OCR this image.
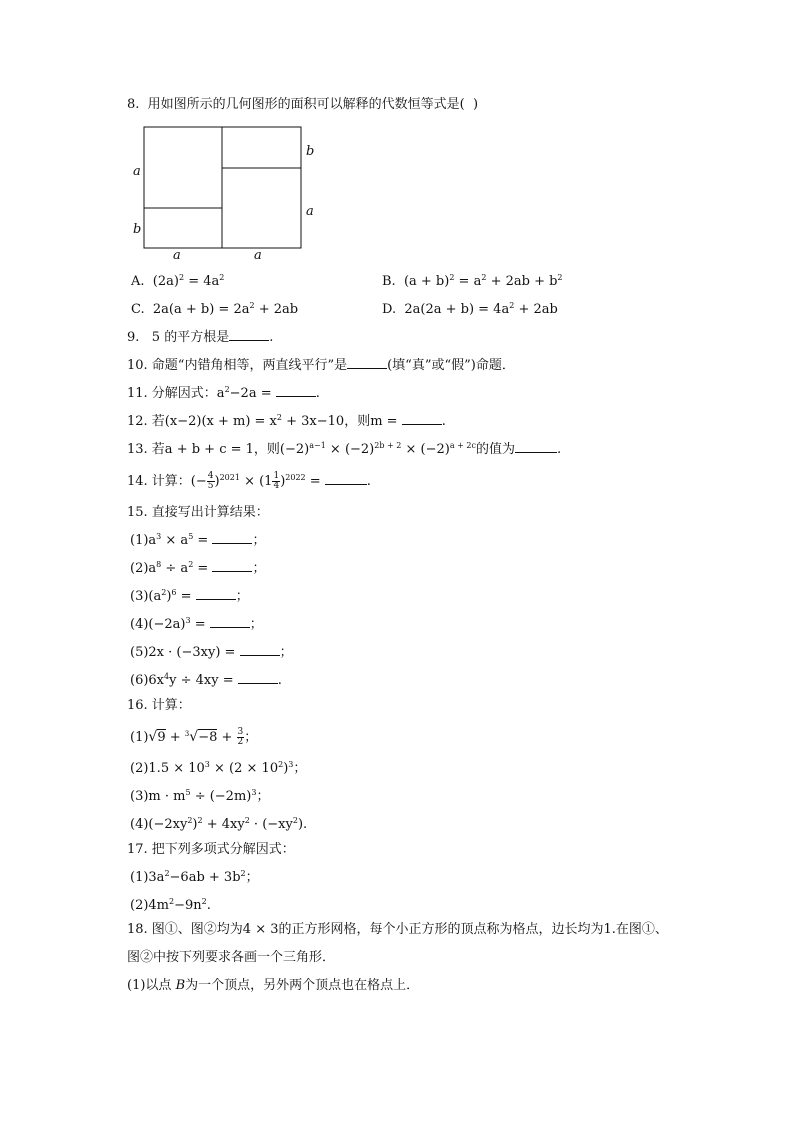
8.  用如图所示的几何图形的面积可以解释的代数恒等式是(  )
a
b
b
a
a	a
A. $(2a)^2 = 4a^2$	B. $(a + b)^2 = a^2 + 2ab + b^2$
C. $2a(a + b) = 2a^2 + 2ab$	D. $2a(2a + b) = 4a^2 + 2ab$
9.   5 的平方根是	.
10. 命题“内错角相等，两直线平行”是	(填“真”或“假”)命题．
11. 分解因式：$a^2-2a$ =	.
12. 若$(x-2)(x + m) = x^2 + 3x-10$，则m =	.
13. 若a + b + c = 1，则$(-2)^{a-1} \times (-2)^{2b + 2} \times (-2)^{a + 2c}$的值为	.
14. 计算：(− $\frac{4}{5} )^{2021} \times (1 \frac{1}{4} )^{2022}$ =	.
15. 直接写出计算结果：
$(1)a^3 \times a^5$ =	；
$(2)a^8 \div a^2$ =	；
$(3)(a^2)^6$ =	；
$(4)(-2a)^3$ =	；
(5)2x · (−3xy) =	；
$(6)6x^4y \div 4xy$ =	.
16. 计算：
$(1)√9 + ^3√-8 + \frac{3}{2}$ ；
$(2)1.5 \times 10^3 \times (2 \times 10^2)^3$；
$(3)m \cdot m^5 \div (-2m)^3$；
$(4)(-2xy^2)^2 + 4xy^2 \cdot (-xy^2)$.
17. 把下列多项式分解因式：
$(1)3a^2-6ab + 3b^2$；
$(2)4m^2-9n^2$.
18. 图①、图②均为4 × 3的正方形网格，每个小正方形的顶点称为格点，边长均为1.在图①、
图②中按下列要求各画一个三角形．
(1)以点 B为一个顶点，另外两个顶点也在格点上．
